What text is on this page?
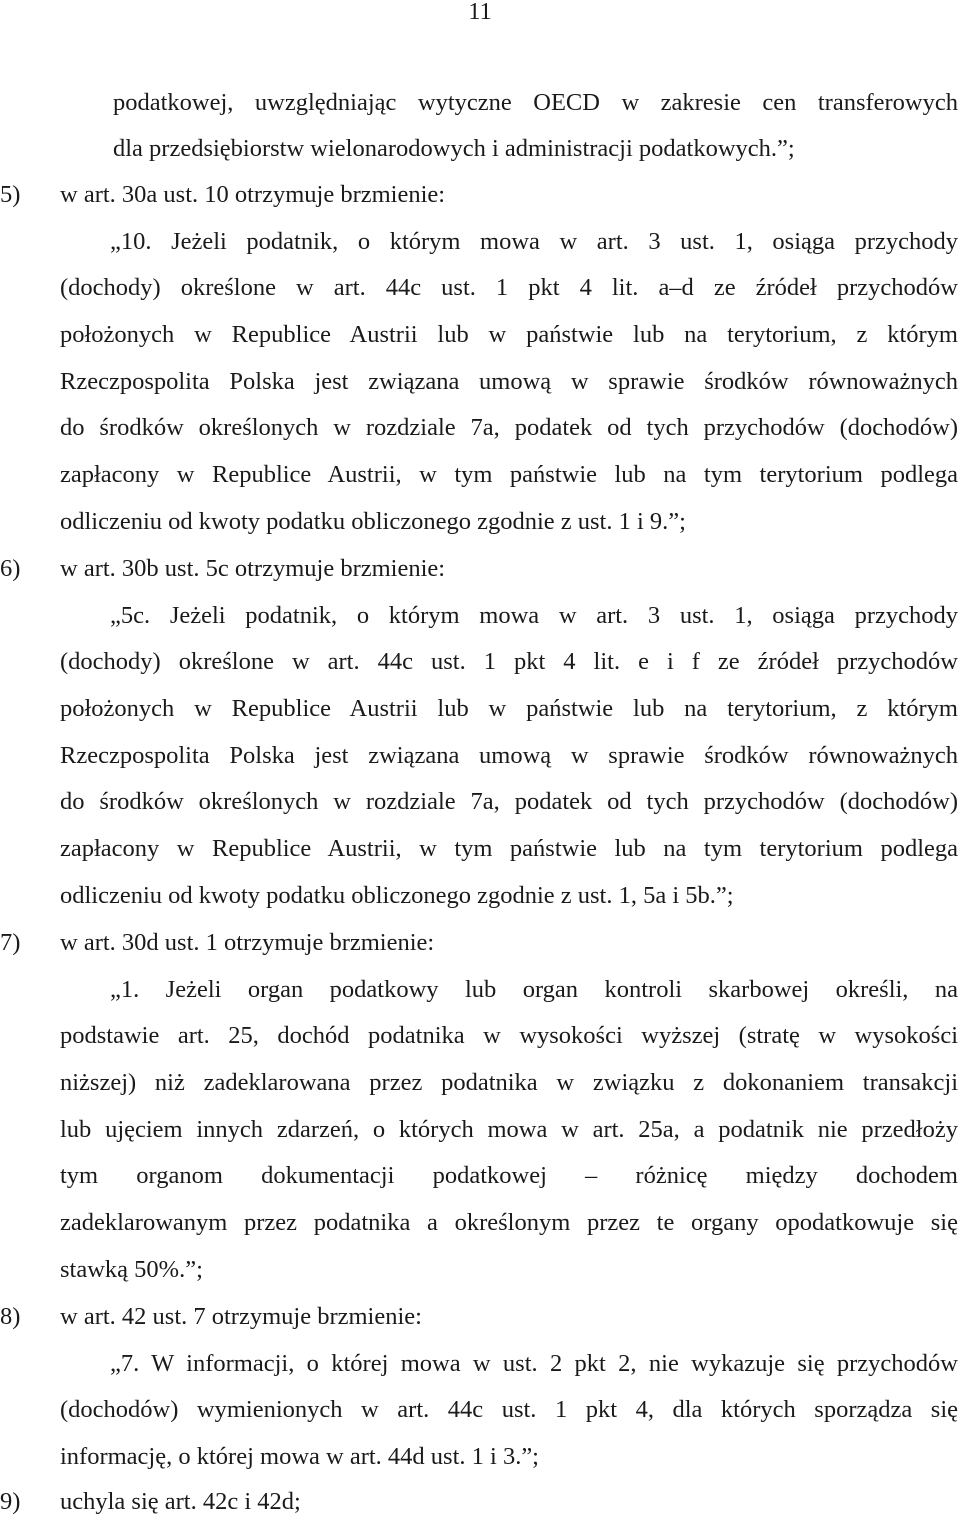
11
podatkowej, uwzględniając wytyczne OECD w zakresie cen transferowych
dla przedsiębiorstw wielonarodowych i administracji podatkowych.”;
5) w art. 30a ust. 10 otrzymuje brzmienie:
„10. Jeżeli podatnik, o którym mowa w art. 3 ust. 1, osiąga przychody
(dochody) określone w art. 44c ust. 1 pkt 4 lit. a–d ze źródeł przychodów
położonych w Republice Austrii lub w państwie lub na terytorium, z którym
Rzeczpospolita Polska jest związana umową w sprawie środków równoważnych
do środków określonych w rozdziale 7a, podatek od tych przychodów (dochodów)
zapłacony w Republice Austrii, w tym państwie lub na tym terytorium podlega
odliczeniu od kwoty podatku obliczonego zgodnie z ust. 1 i 9.”;
6) w art. 30b ust. 5c otrzymuje brzmienie:
„5c. Jeżeli podatnik, o którym mowa w art. 3 ust. 1, osiąga przychody
(dochody) określone w art. 44c ust. 1 pkt 4 lit. e i f ze źródeł przychodów
położonych w Republice Austrii lub w państwie lub na terytorium, z którym
Rzeczpospolita Polska jest związana umową w sprawie środków równoważnych
do środków określonych w rozdziale 7a, podatek od tych przychodów (dochodów)
zapłacony w Republice Austrii, w tym państwie lub na tym terytorium podlega
odliczeniu od kwoty podatku obliczonego zgodnie z ust. 1, 5a i 5b.”;
7) w art. 30d ust. 1 otrzymuje brzmienie:
„1. Jeżeli organ podatkowy lub organ kontroli skarbowej określi, na
podstawie art. 25, dochód podatnika w wysokości wyższej (stratę w wysokości
niższej) niż zadeklarowana przez podatnika w związku z dokonaniem transakcji
lub ujęciem innych zdarzeń, o których mowa w art. 25a, a podatnik nie przedłoży
tym organom dokumentacji podatkowej – różnicę między dochodem
zadeklarowanym przez podatnika a określonym przez te organy opodatkowuje się
stawką 50%.”;
8) w art. 42 ust. 7 otrzymuje brzmienie:
„7. W informacji, o której mowa w ust. 2 pkt 2, nie wykazuje się przychodów
(dochodów) wymienionych w art. 44c ust. 1 pkt 4, dla których sporządza się
informację, o której mowa w art. 44d ust. 1 i 3.”;
9) uchyla się art. 42c i 42d;
